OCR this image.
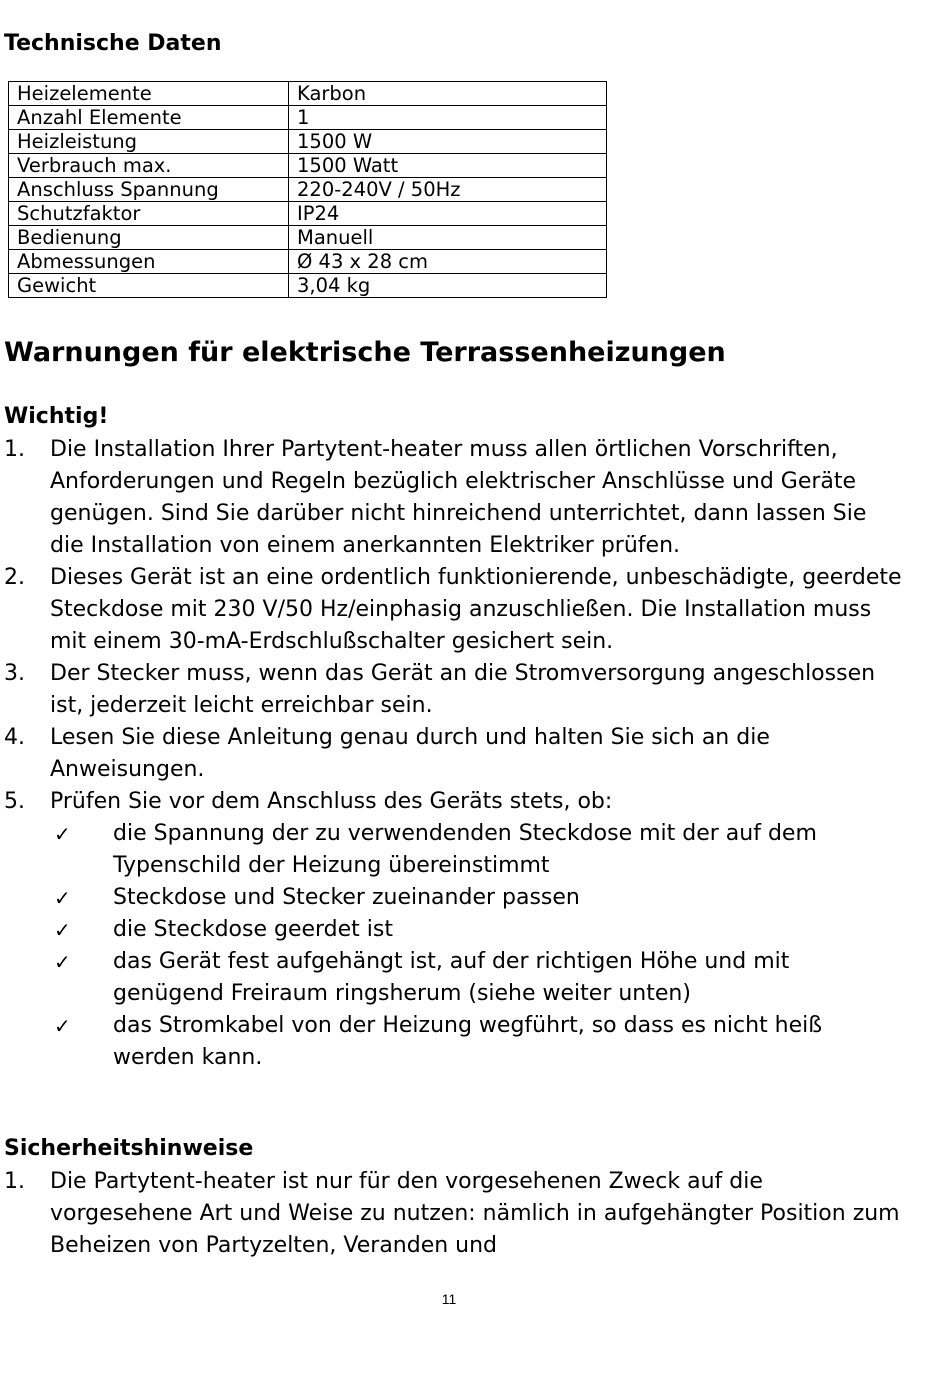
Technische Daten
Heizelemente	Karbon
Anzahl Elemente	1
Heizleistung	1500 W
Verbrauch max.	1500 Watt
Anschluss Spannung	220-240V / 50Hz
Schutzfaktor	IP24
Bedienung	Manuell
Abmessungen	Ø 43 x 28 cm
Gewicht	3,04 kg
Warnungen für elektrische Terrassenheizungen
Wichtig!
1. Die Installation Ihrer Partytent-heater muss allen örtlichen Vorschriften, Anforderungen und Regeln bezüglich elektrischer Anschlüsse und Geräte genügen. Sind Sie darüber nicht hinreichend unterrichtet, dann lassen Sie die Installation von einem anerkannten Elektriker prüfen.
2. Dieses Gerät ist an eine ordentlich funktionierende, unbeschädigte, geerdete Steckdose mit 230 V/50 Hz/einphasig anzuschließen. Die Installation muss mit einem 30-mA-Erdschlußschalter gesichert sein.
3. Der Stecker muss, wenn das Gerät an die Stromversorgung angeschlossen ist, jederzeit leicht erreichbar sein.
4. Lesen Sie diese Anleitung genau durch und halten Sie sich an die Anweisungen.
5. Prüfen Sie vor dem Anschluss des Geräts stets, ob:
✓ die Spannung der zu verwendenden Steckdose mit der auf dem Typenschild der Heizung übereinstimmt
✓ Steckdose und Stecker zueinander passen
✓ die Steckdose geerdet ist
✓ das Gerät fest aufgehängt ist, auf der richtigen Höhe und mit genügend Freiraum ringsherum (siehe weiter unten)
✓ das Stromkabel von der Heizung wegführt, so dass es nicht heiß werden kann.
Sicherheitshinweise
1. Die Partytent-heater ist nur für den vorgesehenen Zweck auf die vorgesehene Art und Weise zu nutzen: nämlich in aufgehängter Position zum Beheizen von Partyzelten, Veranden und
11
